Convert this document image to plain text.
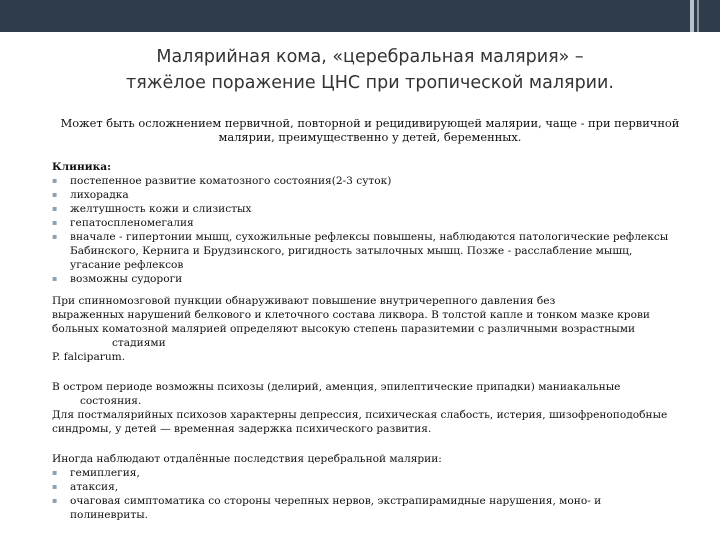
Малярийная кома, «церебральная малярия» –
тяжёлое поражение ЦНС при тропической малярии.
Может быть осложнением первичной, повторной и рецидивирующей малярии, чаще - при первичной
малярии, преимущественно у детей, беременных.
Клиника:
▪ постепенное развитие коматозного состояния(2-3 суток)
▪ лихорадка
▪ желтушность кожи и слизистых
▪ гепатоспленомегалия
▪ вначале - гипертонии мышц, сухожильные рефлексы повышены, наблюдаются патологические рефлексы
Бабинского, Кернига и Брудзинского, ригидность затылочных мышц. Позже - расслабление мышц,
угасание рефлексов
▪ возможны судороги

При спинномозговой пункции обнаруживают повышение внутричерепного давления без

выраженных нарушений белкового и клеточного состава ликвора. В толстой капле и тонком мазке крови

больных коматозной малярией определяют высокую степень паразитемии с различными возрастными

стадиями

P. falciparum.

В остром периоде возможны психозы (делирий, аменция, эпилептические припадки) маниакальные

состояния.

Для постмалярийных психозов характерны депрессия, психическая слабость, истерия, шизофреноподобные

синдромы, у детей — временная задержка психического развития.

Иногда наблюдают отдалённые последствия церебральной малярии:

▪ гемиплегия,
▪ атаксия,
▪ очаговая симптоматика со стороны черепных нервов, экстрапирамидные нарушения, моно- и
полиневриты.
